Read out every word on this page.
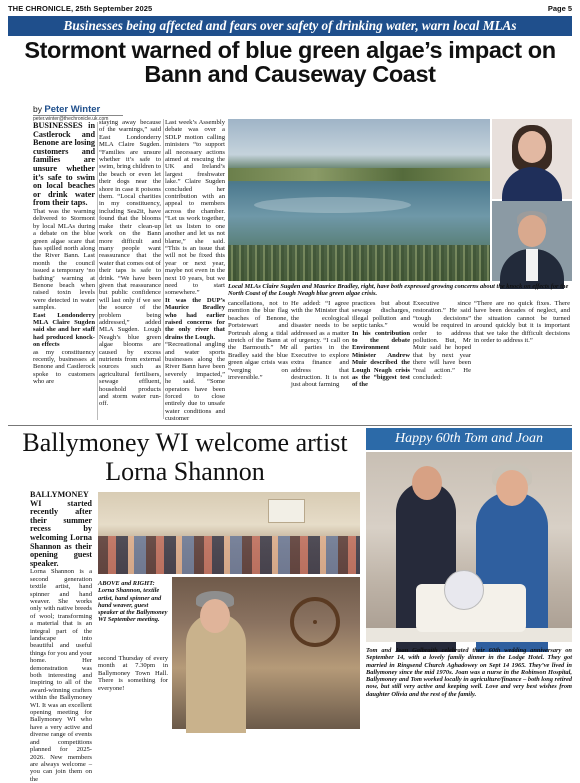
THE CHRONICLE, 25th September 2025	Page 5
Businesses being affected and fears over safety of drinking water, warn local MLAs
Stormont warned of blue green algae’s impact on Bann and Causeway Coast
by Peter Winter
peter.winter@thechronicle.uk.com

BUSINESSES in Castlerock and Benone are losing customers and families are unsure whether it’s safe to swim on local beaches or drink water from their taps.

That was the warning delivered to Stormont by local MLAs during a debate on the blue green algae scare that has spilled north along the River Bann. Last month the council issued a temporary ‘no bathing’ warning at Benone beach when raised toxin levels were detected in water samples.

East Londonderry MLA Claire Sugden said she and her staff had produced knock-on effects

as my constituency recently, businesses at Benone and Castlerock spoke to customers who are

staying away because of the warnings,” said East Londonderry MLA Claire Sugden. “Families are unsure whether it’s safe to swim, bring children to the beach or even let their dogs near the shore in case it poisons them. “Local charities in my constituency, including Sea2it, have found that the blooms make their clean-up work on the Bann more difficult and many people want reassurance that the water that comes out of their taps is safe to drink. “We have been given that reassurance but public confidence will last only if we see the source of the problem being addressed,” added MLA Sugden. Lough Neagh’s blue green algae blooms are caused by excess nutrients from external sources such as agricultural fertilisers, sewage effluent, household products and storm water run-off.

Last week’s Assembly debate was over a SDLP motion calling ministers “to support all necessary actions aimed at rescuing the UK and Ireland’s largest freshwater lake.” Claire Sugden concluded her contribution with an appeal to members across the chamber. “Let us work together, let us listen to one another and let us not blame,” she said. “This is an issue that will not be fixed this year or next year, maybe not even in the next 10 years, but we need to start somewhere.”

It was the DUP’s Maurice Bradley who had earlier raised concerns for the only river that drains the Lough.

“Recreational angling and water sports businesses along the River Bann have been severely impacted,” he said. “Some operators have been forced to close entirely due to unsafe water conditions and customer

Local MLAs Claire Sugden and Maurice Bradley, right, have both expressed growing concerns about the knock on effects for the North Coast of the Lough Neagh blue green algae crisis.

cancellations, not to mention the blue flag beaches of Benone, Portstewart and Portrush along a tidal stretch of the Bann at the Barmouth.” Mr Bradley said the blue green algae crisis was “verging on irreversible.”

He added: “I agree with the Minister that the ecological disaster needs to be addressed as a matter of urgency. “I call on all parties in the Executive to explore extra finance and address that destruction. It is not just about farming

practices but about sewage discharges, illegal pollution and septic tanks.”

In his contribution to the debate Environment Minister Andrew Muir described the Lough Neagh crisis as the “biggest test of the

Executive since restoration.” He said “tough decisions” would be required in order to address pollution. But, Mr Muir said he hoped that by next year there will have been “real action.” He concluded:

“There are no quick fixes. There have been decades of neglect, and the situation cannot be turned around quickly but it is important that we take the difficult decisions in order to address it.”

Ballymoney WI welcome artist Lorna Shannon

BALLYMONEY WI started recently after their summer recess by welcoming Lorna Shannon as their opening guest speaker.

Lorna Shannon is a second generation textile artist, hand spinner and hand weaver. She works only with native breeds of wool; transforming a material that is an integral part of the landscape into beautiful and useful things for you and your home. Her demonstration was both interesting and inspiring to all of the award-winning crafters within the Ballymoney WI. It was an excellent opening meeting for Ballymoney WI who have a very active and diverse range of events and competitions planned for 2025-2026. New members are always welcome – you can join them on the

ABOVE and RIGHT: Lorna Shannon, textile artist, hand spinner and hand weaver, guest speaker at the Ballymoney WI September meeting.

second Thursday of every month at 7.30pm in Ballymoney Town Hall. There is something for everyone!

Happy 60th Tom and Joan
Tom and Joan Galbraith celebrated their 60th wedding anniversary on September 14, with a lovely family dinner in the Lodge Hotel. They got married in Ringsend Church Aghadowey on Sept 14 1965. They’ve lived in Ballymoney since the mid 1970s. Joan was a nurse in the Robinson Hospital, Ballymoney and Tom worked locally in agriculture/finance – both long retired now, but still very active and keeping well. Love and very best wishes from daughter Olivia and the rest of the family.
